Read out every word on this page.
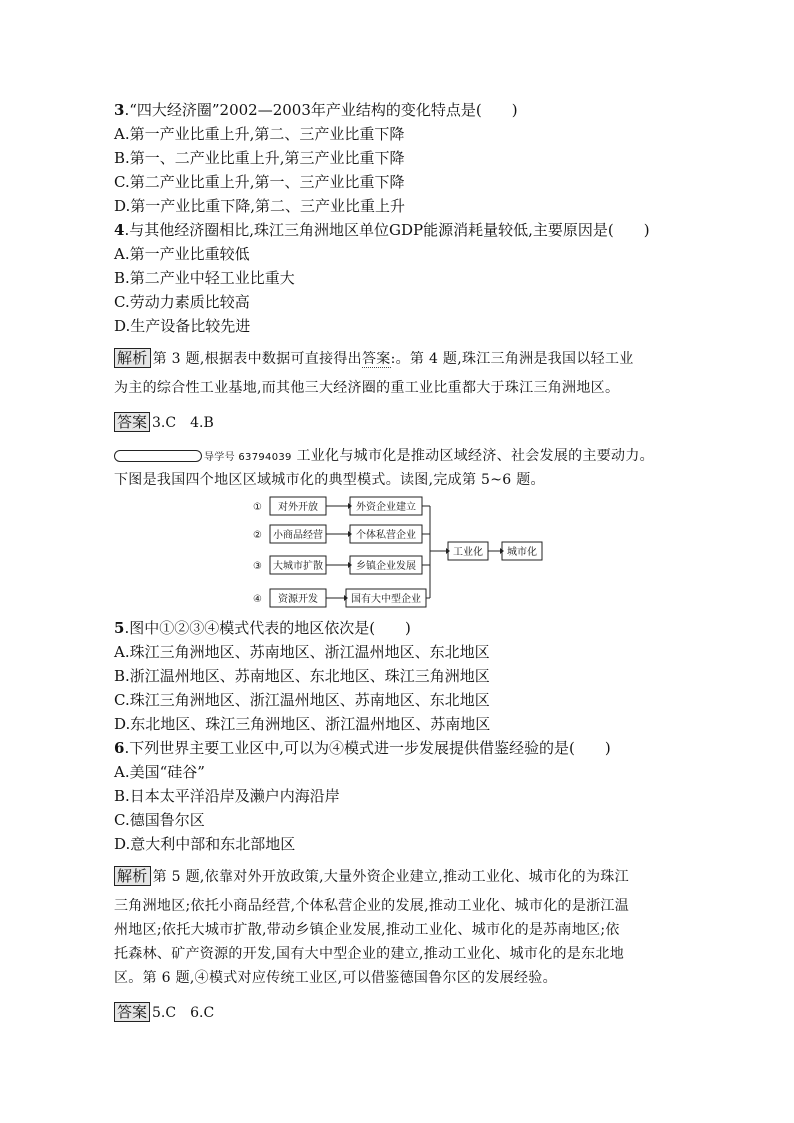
3.“四大经济圈”2002—2003年产业结构的变化特点是(　　)
A.第一产业比重上升,第二、三产业比重下降
B.第一、二产业比重上升,第三产业比重下降
C.第二产业比重上升,第一、三产业比重下降
D.第一产业比重下降,第二、三产业比重上升
4.与其他经济圈相比,珠江三角洲地区单位GDP能源消耗量较低,主要原因是(　　)
A.第一产业比重较低
B.第二产业中轻工业比重大
C.劳动力素质比较高
D.生产设备比较先进
解析 第 3 题,根据表中数据可直接得出答案:。第 4 题,珠江三角洲是我国以轻工业
为主的综合性工业基地,而其他三大经济圈的重工业比重都大于珠江三角洲地区。
答案 3.C　4.B
导学号 63794039 工业化与城市化是推动区域经济、社会发展的主要动力。
下图是我国四个地区区域城市化的典型模式。读图,完成第 5~6 题。
①
②
③
④
对外开放
小商品经营
大城市扩散
资源开发
外资企业建立
个体私营企业
乡镇企业发展
国有大中型企业
工业化 城市化
5.图中①②③④模式代表的地区依次是(　　)
A.珠江三角洲地区、苏南地区、浙江温州地区、东北地区
B.浙江温州地区、苏南地区、东北地区、珠江三角洲地区
C.珠江三角洲地区、浙江温州地区、苏南地区、东北地区
D.东北地区、珠江三角洲地区、浙江温州地区、苏南地区
6.下列世界主要工业区中,可以为④模式进一步发展提供借鉴经验的是(　　)
A.美国“硅谷”
B.日本太平洋沿岸及濑户内海沿岸
C.德国鲁尔区
D.意大利中部和东北部地区
解析 第 5 题,依靠对外开放政策,大量外资企业建立,推动工业化、城市化的为珠江
三角洲地区;依托小商品经营,个体私营企业的发展,推动工业化、城市化的是浙江温
州地区;依托大城市扩散,带动乡镇企业发展,推动工业化、城市化的是苏南地区;依
托森林、矿产资源的开发,国有大中型企业的建立,推动工业化、城市化的是东北地
区。第 6 题,④模式对应传统工业区,可以借鉴德国鲁尔区的发展经验。
答案 5.C　6.C
